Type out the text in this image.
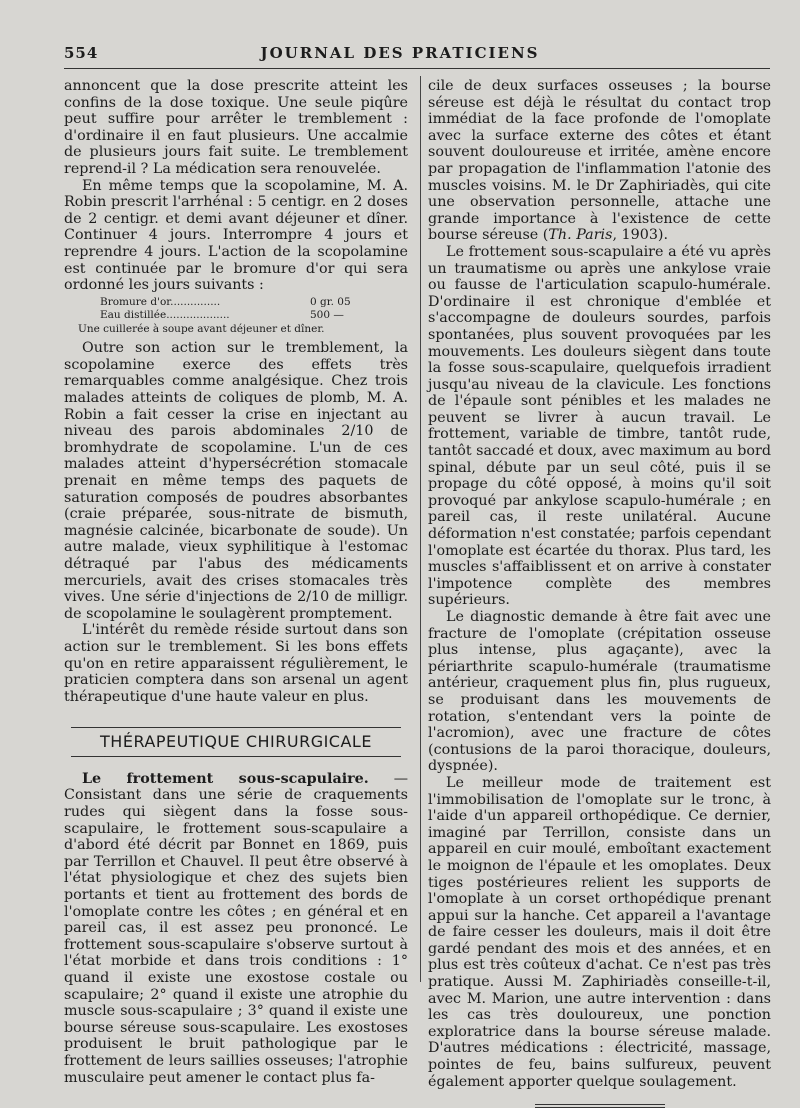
554	JOURNAL DES PRATICIENS

annoncent que la dose prescrite atteint les confins de la dose toxique. Une seule piqûre peut suffire pour arrêter le tremblement : d'ordinaire il en faut plusieurs. Une accalmie de plusieurs jours fait suite. Le tremblement reprend-il ? La médication sera renouvelée.

En même temps que la scopolamine, M. A. Robin prescrit l'arrhénal : 5 centigr. en 2 doses de 2 centigr. et demi avant déjeuner et dîner. Continuer 4 jours. Interrompre 4 jours et reprendre 4 jours. L'action de la scopolamine est continuée par le bromure d'or qui sera ordonné les jours suivants :

Bromure d'or...............	0 gr. 05
Eau distillée...................	500 —
Une cuillerée à soupe avant déjeuner et dîner.

Outre son action sur le tremblement, la scopolamine exerce des effets très remarquables comme analgésique. Chez trois malades atteints de coliques de plomb, M. A. Robin a fait cesser la crise en injectant au niveau des parois abdominales 2/10 de bromhydrate de scopolamine. L'un de ces malades atteint d'hypersécrétion stomacale prenait en même temps des paquets de saturation composés de poudres absorbantes (craie préparée, sous-nitrate de bismuth, magnésie calcinée, bicarbonate de soude). Un autre malade, vieux syphilitique à l'estomac détraqué par l'abus des médicaments mercuriels, avait des crises stomacales très vives. Une série d'injections de 2/10 de milligr. de scopolamine le soulagèrent promptement.

L'intérêt du remède réside surtout dans son action sur le tremblement. Si les bons effets qu'on en retire apparaissent régulièrement, le praticien comptera dans son arsenal un agent thérapeutique d'une haute valeur en plus.

THÉRAPEUTIQUE CHIRURGICALE

Le frottement sous-scapulaire. — Consistant dans une série de craquements rudes qui siègent dans la fosse sous-scapulaire, le frottement sous-scapulaire a d'abord été décrit par Bonnet en 1869, puis par Terrillon et Chauvel. Il peut être observé à l'état physiologique et chez des sujets bien portants et tient au frottement des bords de l'omoplate contre les côtes ; en général et en pareil cas, il est assez peu prononcé. Le frottement sous-scapulaire s'observe surtout à l'état morbide et dans trois conditions : 1° quand il existe une exostose costale ou scapulaire; 2° quand il existe une atrophie du muscle sous-scapulaire ; 3° quand il existe une bourse séreuse sous-scapulaire. Les exostoses produisent le bruit pathologique par le frottement de leurs saillies osseuses; l'atrophie musculaire peut amener le contact plus fa-

cile de deux surfaces osseuses ; la bourse séreuse est déjà le résultat du contact trop immédiat de la face profonde de l'omoplate avec la surface externe des côtes et étant souvent douloureuse et irritée, amène encore par propagation de l'inflammation l'atonie des muscles voisins. M. le Dr Zaphiriadès, qui cite une observation personnelle, attache une grande importance à l'existence de cette bourse séreuse (Th. Paris, 1903).

Le frottement sous-scapulaire a été vu après un traumatisme ou après une ankylose vraie ou fausse de l'articulation scapulo-humérale. D'ordinaire il est chronique d'emblée et s'accompagne de douleurs sourdes, parfois spontanées, plus souvent provoquées par les mouvements. Les douleurs siègent dans toute la fosse sous-scapulaire, quelquefois irradient jusqu'au niveau de la clavicule. Les fonctions de l'épaule sont pénibles et les malades ne peuvent se livrer à aucun travail. Le frottement, variable de timbre, tantôt rude, tantôt saccadé et doux, avec maximum au bord spinal, débute par un seul côté, puis il se propage du côté opposé, à moins qu'il soit provoqué par ankylose scapulo-humérale ; en pareil cas, il reste unilatéral. Aucune déformation n'est constatée; parfois cependant l'omoplate est écartée du thorax. Plus tard, les muscles s'affaiblissent et on arrive à constater l'impotence complète des membres supérieurs.

Le diagnostic demande à être fait avec une fracture de l'omoplate (crépitation osseuse plus intense, plus agaçante), avec la périarthrite scapulo-humérale (traumatisme antérieur, craquement plus fin, plus rugueux, se produisant dans les mouvements de rotation, s'entendant vers la pointe de l'acromion), avec une fracture de côtes (contusions de la paroi thoracique, douleurs, dyspnée).

Le meilleur mode de traitement est l'immobilisation de l'omoplate sur le tronc, à l'aide d'un appareil orthopédique. Ce dernier, imaginé par Terrillon, consiste dans un appareil en cuir moulé, emboîtant exactement le moignon de l'épaule et les omoplates. Deux tiges postérieures relient les supports de l'omoplate à un corset orthopédique prenant appui sur la hanche. Cet appareil a l'avantage de faire cesser les douleurs, mais il doit être gardé pendant des mois et des années, et en plus est très coûteux d'achat. Ce n'est pas très pratique. Aussi M. Zaphiriadès conseille-t-il, avec M. Marion, une autre intervention : dans les cas très douloureux, une ponction exploratrice dans la bourse séreuse malade. D'autres médications : électricité, massage, pointes de feu, bains sulfureux, peuvent également apporter quelque soulagement.
